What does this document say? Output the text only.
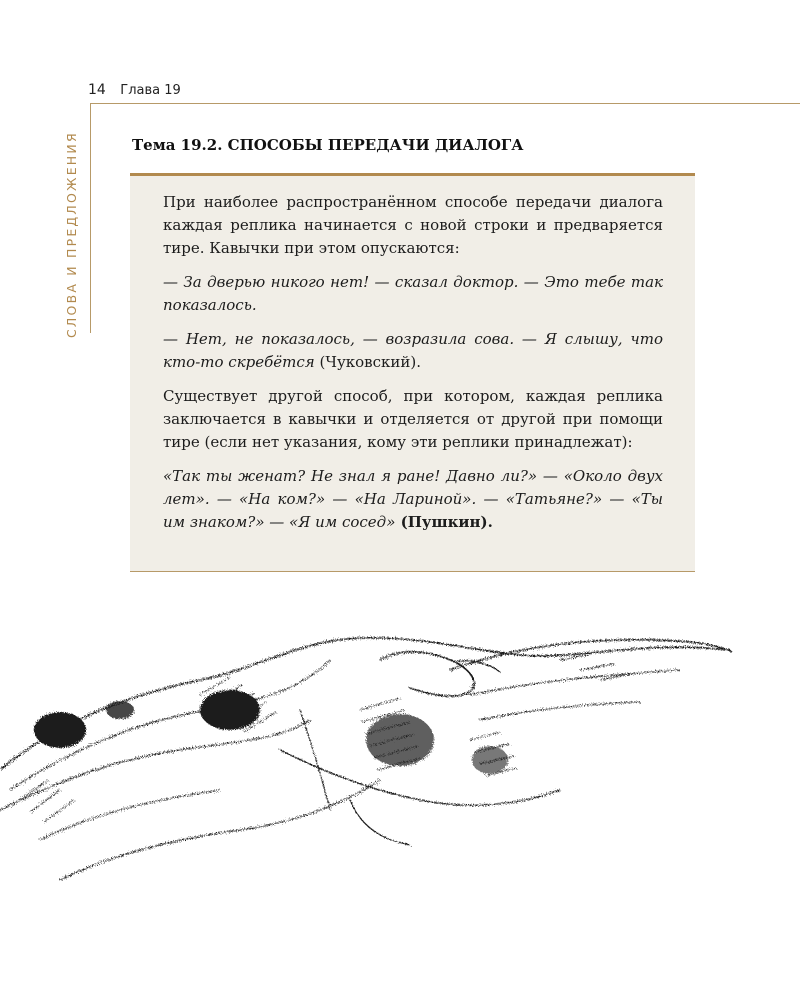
14 Глава 19
СЛОВА И ПРЕДЛОЖЕНИЯ	Тема 19.2. СПОСОБЫ ПЕРЕДАЧИ ДИАЛОГА

При наиболее распространённом способе передачи диалога каждая реплика начинается с новой строки и предваряется тире. Кавычки при этом опускаются:

— За дверью никого нет! — сказал доктор. — Это тебе так показалось.

— Нет, не показалось, — возразила сова. — Я слышу, что кто-то скребётся (Чуковский).

Существует другой способ, при котором, каждая реплика заключается в кавычки и отделяется от другой при помощи тире (если нет указания, кому эти реплики принадлежат):

«Так ты женат? Не знал я ране! Давно ли?» — «Около двух лет». — «На ком?» — «На Лариной». — «Татьяне?» — «Ты им знаком?» — «Я им сосед» (Пушкин).
